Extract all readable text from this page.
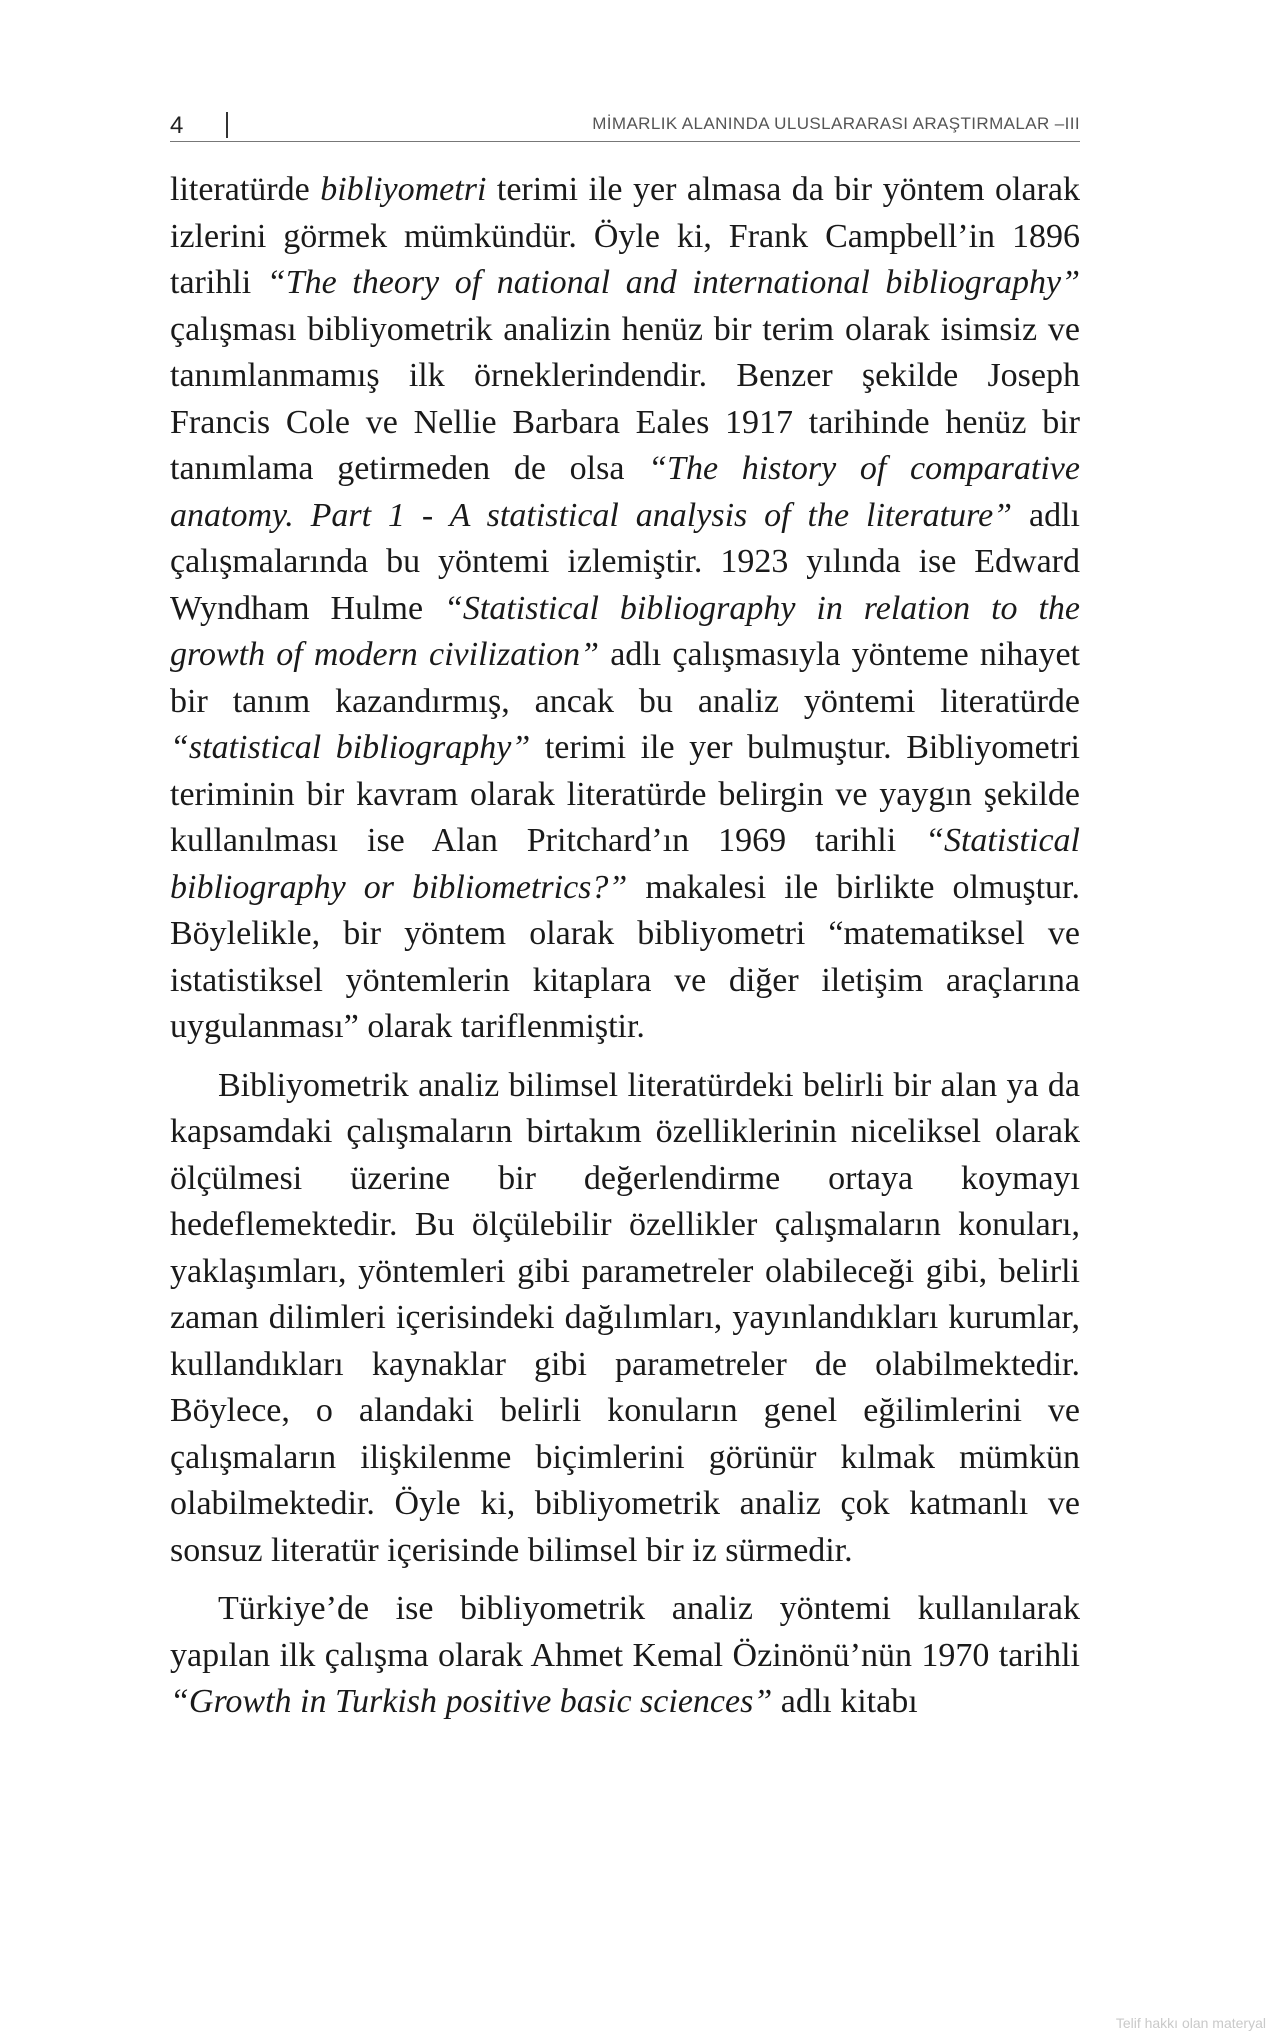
4	MİMARLIK ALANINDA ULUSLARARASI ARAŞTIRMALAR –III

literatürde bibliyometri terimi ile yer almasa da bir yöntem olarak izlerini görmek mümkündür. Öyle ki, Frank Campbell’in 1896 tarihli “The theory of national and international bibliography” çalışması bibliyometrik analizin henüz bir terim olarak isimsiz ve tanımlanmamış ilk örneklerindendir. Benzer şekilde Joseph Francis Cole ve Nellie Barbara Eales 1917 tarihinde henüz bir tanımlama getirmeden de olsa “The history of comparative anatomy. Part 1 - A statistical analysis of the literature” adlı çalışmalarında bu yöntemi izlemiştir. 1923 yılında ise Edward Wyndham Hulme “Statistical bibliography in relation to the growth of modern civilization” adlı çalışmasıyla yönteme nihayet bir tanım kazandırmış, ancak bu analiz yöntemi literatürde “statistical bibliography” terimi ile yer bulmuştur. Bibliyometri teriminin bir kavram olarak literatürde belirgin ve yaygın şekilde kullanılması ise Alan Pritchard’ın 1969 tarihli “Statistical bibliography or bibliometrics?” makalesi ile birlikte olmuştur. Böylelikle, bir yöntem olarak bibliyometri “matematiksel ve istatistiksel yöntemlerin kitaplara ve diğer iletişim araçlarına uygulanması” olarak tariflenmiştir.

Bibliyometrik analiz bilimsel literatürdeki belirli bir alan ya da kapsamdaki çalışmaların birtakım özelliklerinin niceliksel olarak ölçülmesi üzerine bir değerlendirme ortaya koymayı hedeflemektedir. Bu ölçülebilir özellikler çalışmaların konuları, yaklaşımları, yöntemleri gibi parametreler olabileceği gibi, belirli zaman dilimleri içerisindeki dağılımları, yayınlandıkları kurumlar, kullandıkları kaynaklar gibi parametreler de olabilmektedir. Böylece, o alandaki belirli konuların genel eğilimlerini ve çalışmaların ilişkilenme biçimlerini görünür kılmak mümkün olabilmektedir. Öyle ki, bibliyometrik analiz çok katmanlı ve sonsuz literatür içerisinde bilimsel bir iz sürmedir.

Türkiye’de ise bibliyometrik analiz yöntemi kullanılarak yapılan ilk çalışma olarak Ahmet Kemal Özinönü’nün 1970 tarihli “Growth in Turkish positive basic sciences” adlı kitabı

Telif hakkı olan materyal
